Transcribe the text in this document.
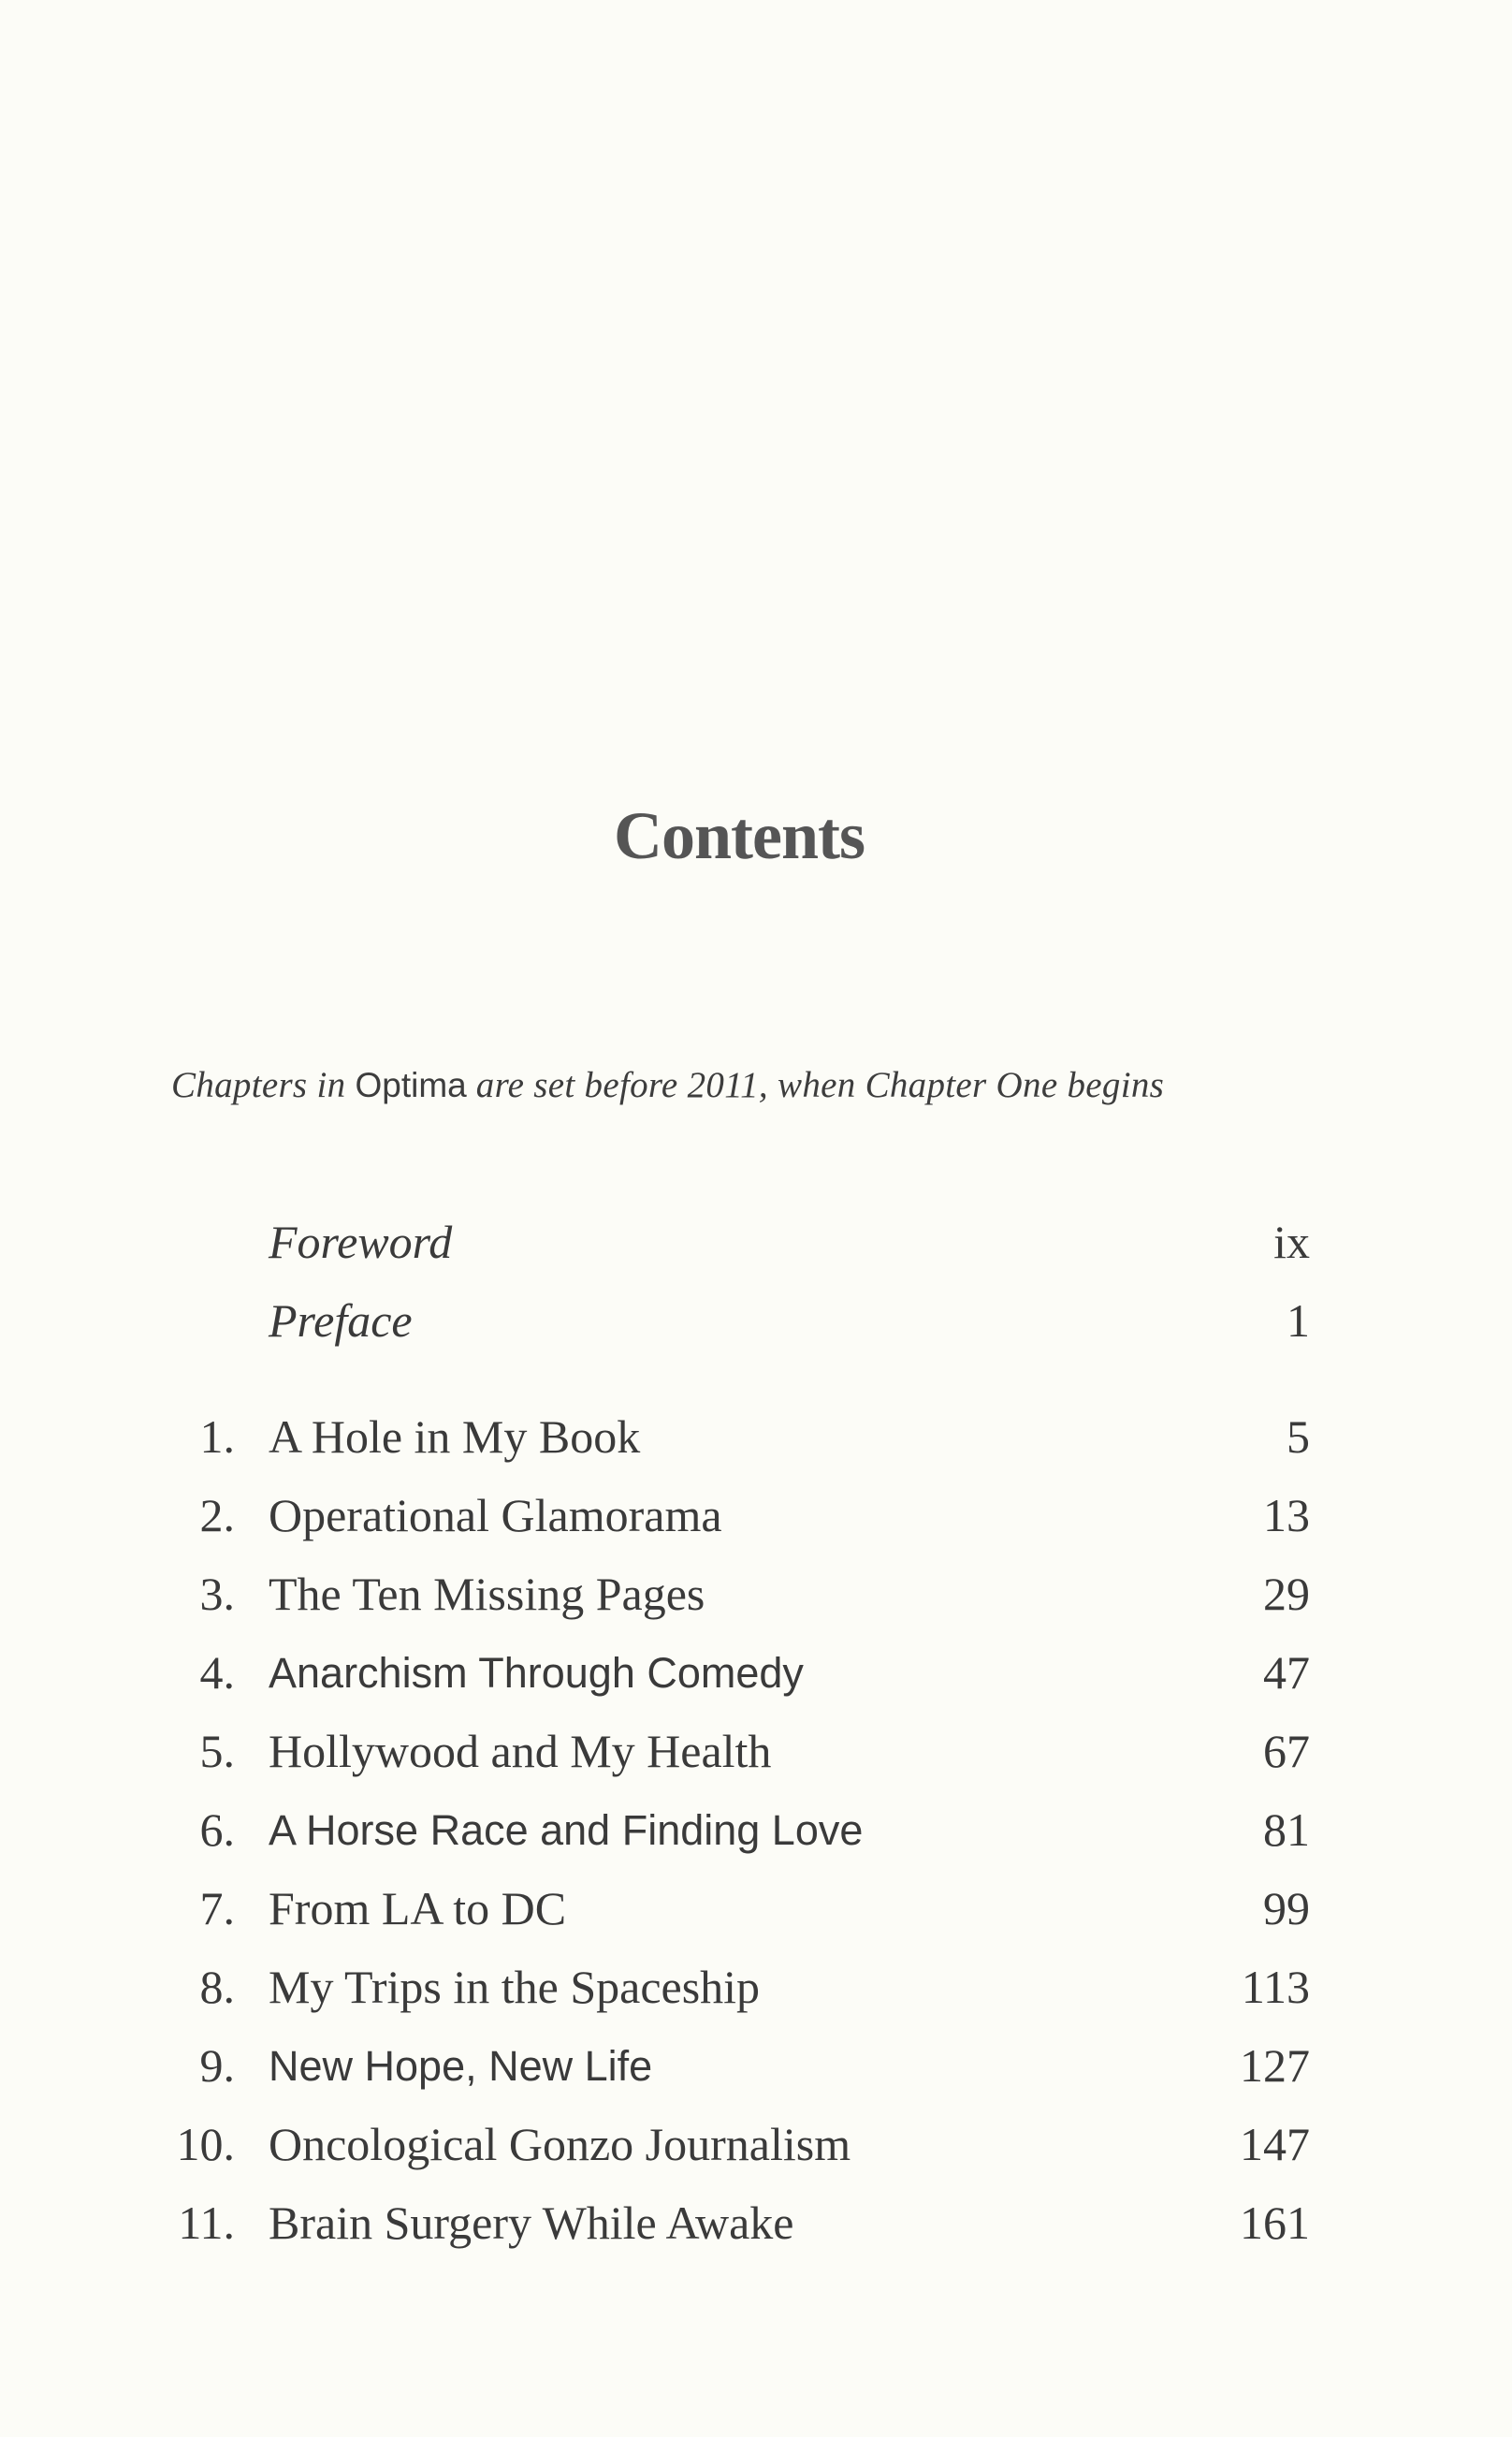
Contents
Chapters in Optima are set before 2011, when Chapter One begins
Foreword	ix
Preface	1
1. A Hole in My Book	5
2. Operational Glamorama	13
3. The Ten Missing Pages	29
4. Anarchism Through Comedy	47
5. Hollywood and My Health	67
6. A Horse Race and Finding Love	81
7. From LA to DC	99
8. My Trips in the Spaceship	113
9. New Hope, New Life	127
10. Oncological Gonzo Journalism	147
11. Brain Surgery While Awake	161
